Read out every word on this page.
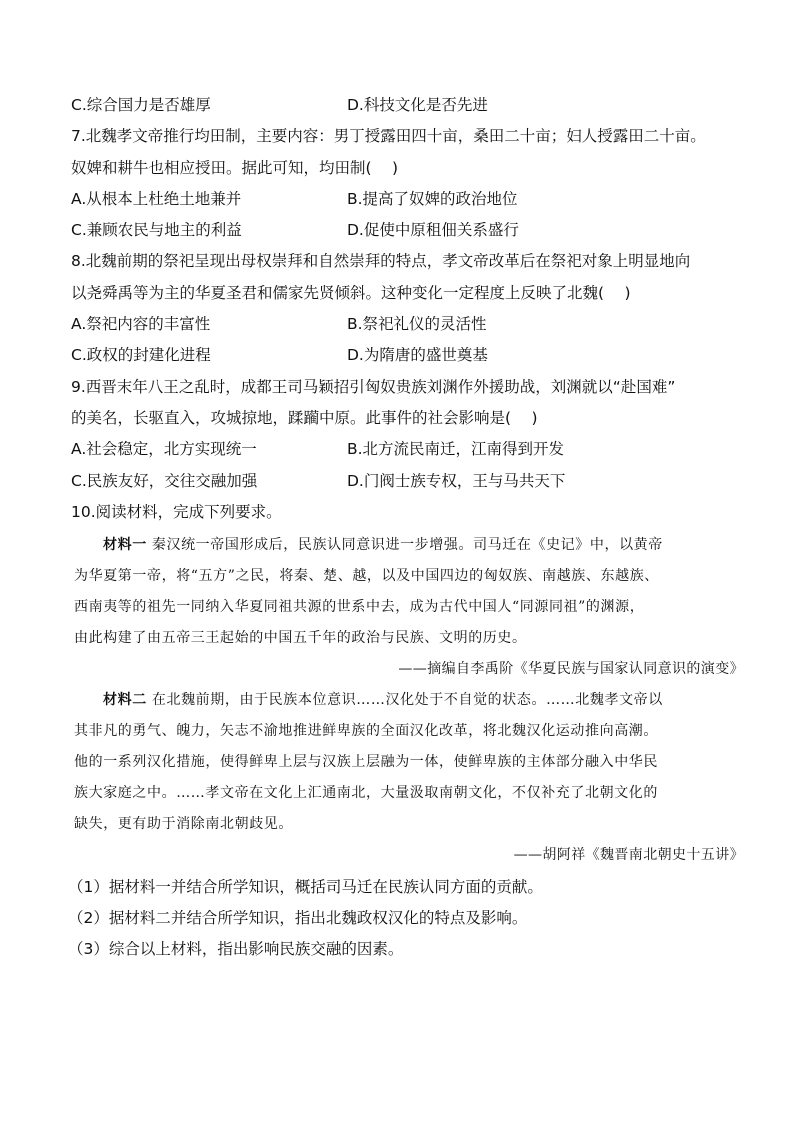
C.综合国力是否雄厚	D.科技文化是否先进
7.北魏孝文帝推行均田制，主要内容：男丁授露田四十亩，桑田二十亩；妇人授露田二十亩。
奴婢和耕牛也相应授田。据此可知，均田制(　 )
A.从根本上杜绝土地兼并	B.提高了奴婢的政治地位
C.兼顾农民与地主的利益	D.促使中原租佃关系盛行
8.北魏前期的祭祀呈现出母权崇拜和自然崇拜的特点，孝文帝改革后在祭祀对象上明显地向
以尧舜禹等为主的华夏圣君和儒家先贤倾斜。这种变化一定程度上反映了北魏(　 )
A.祭祀内容的丰富性	B.祭祀礼仪的灵活性
C.政权的封建化进程	D.为隋唐的盛世奠基
9.西晋末年八王之乱时，成都王司马颖招引匈奴贵族刘渊作外援助战，刘渊就以“赴国难”
的美名，长驱直入，攻城掠地，蹂躏中原。此事件的社会影响是(　 )
A.社会稳定，北方实现统一	B.北方流民南迁，江南得到开发
C.民族友好，交往交融加强	D.门阀士族专权，王与马共天下
10.阅读材料，完成下列要求。
材料一 秦汉统一帝国形成后，民族认同意识进一步增强。司马迁在《史记》中，以黄帝
为华夏第一帝，将“五方”之民，将秦、楚、越，以及中国四边的匈奴族、南越族、东越族、
西南夷等的祖先一同纳入华夏同祖共源的世系中去，成为古代中国人“同源同祖”的渊源，
由此构建了由五帝三王起始的中国五千年的政治与民族、文明的历史。
——摘编自李禹阶《华夏民族与国家认同意识的演变》
材料二 在北魏前期，由于民族本位意识……汉化处于不自觉的状态。……北魏孝文帝以
其非凡的勇气、魄力，矢志不渝地推进鲜卑族的全面汉化改革，将北魏汉化运动推向高潮。
他的一系列汉化措施，使得鲜卑上层与汉族上层融为一体，使鲜卑族的主体部分融入中华民
族大家庭之中。……孝文帝在文化上汇通南北，大量汲取南朝文化，不仅补充了北朝文化的
缺失，更有助于消除南北朝歧见。
——胡阿祥《魏晋南北朝史十五讲》
（1）据材料一并结合所学知识，概括司马迁在民族认同方面的贡献。
（2）据材料二并结合所学知识，指出北魏政权汉化的特点及影响。
（3）综合以上材料，指出影响民族交融的因素。
